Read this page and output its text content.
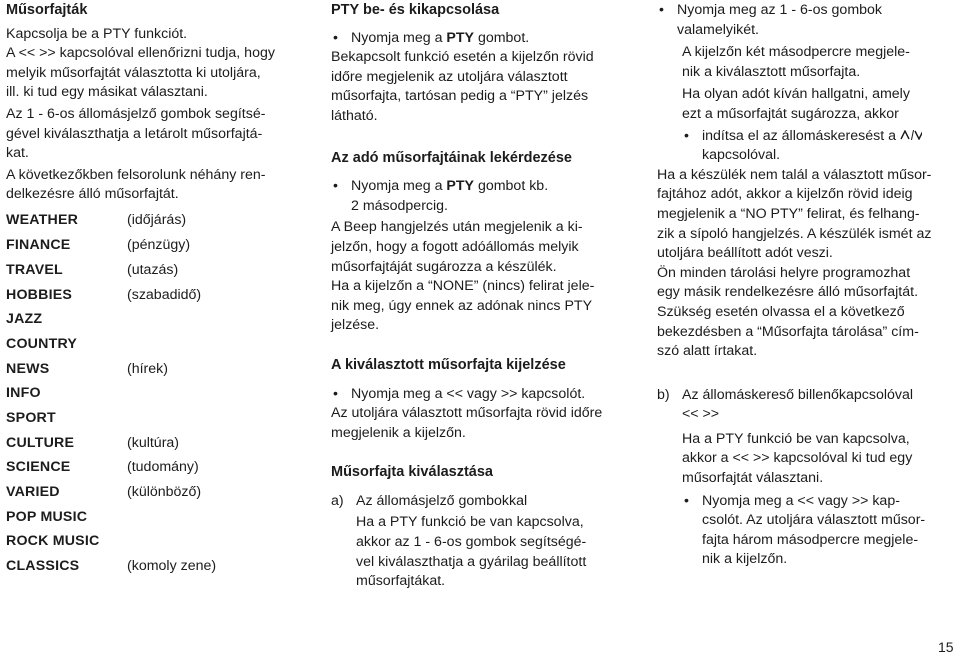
Műsorfajták

Kapcsolja be a PTY funkciót.
A << >> kapcsolóval ellenőrizni tudja, hogy
melyik műsorfajtát választotta ki utoljára,
ill. ki tud egy másikat választani.

Az 1 - 6-os állomásjelző gombok segítsé-
gével kiválaszthatja a letárolt műsorfajtá-
kat.

A következőkben felsorolunk néhány ren-
delkezésre álló műsorfajtát.

WEATHER	(időjárás)
FINANCE	(pénzügy)
TRAVEL	(utazás)
HOBBIES	(szabadidő)
JAZZ
COUNTRY
NEWS	(hírek)
INFO
SPORT
CULTURE	(kultúra)
SCIENCE	(tudomány)
VARIED	(különböző)
POP MUSIC
ROCK MUSIC
CLASSICS	(komoly zene)

PTY be- és kikapcsolása

• Nyomja meg a PTY gombot.

Bekapcsolt funkció esetén a kijelzőn rövid
időre megjelenik az utoljára választott
műsorfajta, tartósan pedig a “PTY” jelzés
látható.

Az adó műsorfajtáinak lekérdezése

• Nyomja meg a PTY gombot kb.
2 másodpercig.

A Beep hangjelzés után megjelenik a ki-
jelzőn, hogy a fogott adóállomás melyik
műsorfajtáját sugározza a készülék.

Ha a kijelzőn a “NONE” (nincs) felirat jele-
nik meg, úgy ennek az adónak nincs PTY
jelzése.

A kiválasztott műsorfajta kijelzése

• Nyomja meg a << vagy >> kapcsolót.

Az utoljára választott műsorfajta rövid időre
megjelenik a kijelzőn.

Műsorfajta kiválasztása

a) Az állomásjelző gombokkal

Ha a PTY funkció be van kapcsolva,
akkor az 1 - 6-os gombok segítségé-
vel kiválaszthatja a gyárilag beállított
műsorfajtákat.

• Nyomja meg az 1 - 6-os gombok
valamelyikét.

A kijelzőn két másodpercre megjele-
nik a kiválasztott műsorfajta.

Ha olyan adót kíván hallgatni, amely
ezt a műsorfajtát sugározza, akkor

• indítsa el az állomáskeresést a

kapcsolóval.

Ha a készülék nem talál a választott műsor-
fajtához adót, akkor a kijelzőn rövid ideig
megjelenik a “NO PTY” felirat, és felhang-
zik a sípoló hangjelzés. A készülék ismét az
utoljára beállított adót veszi.

Ön minden tárolási helyre programozhat
egy másik rendelkezésre álló műsorfajtát.
Szükség esetén olvassa el a következő
bekezdésben a “Műsorfajta tárolása” cím-
szó alatt írtakat.

b) Az állomáskereső billenőkapcsolóval
<< >>

Ha a PTY funkció be van kapcsolva,
akkor a << >> kapcsolóval ki tud egy
műsorfajtát választani.

• Nyomja meg a << vagy >> kap-
csolót. Az utoljára választott műsor-
fajta három másodpercre megjele-
nik a kijelzőn.

15
